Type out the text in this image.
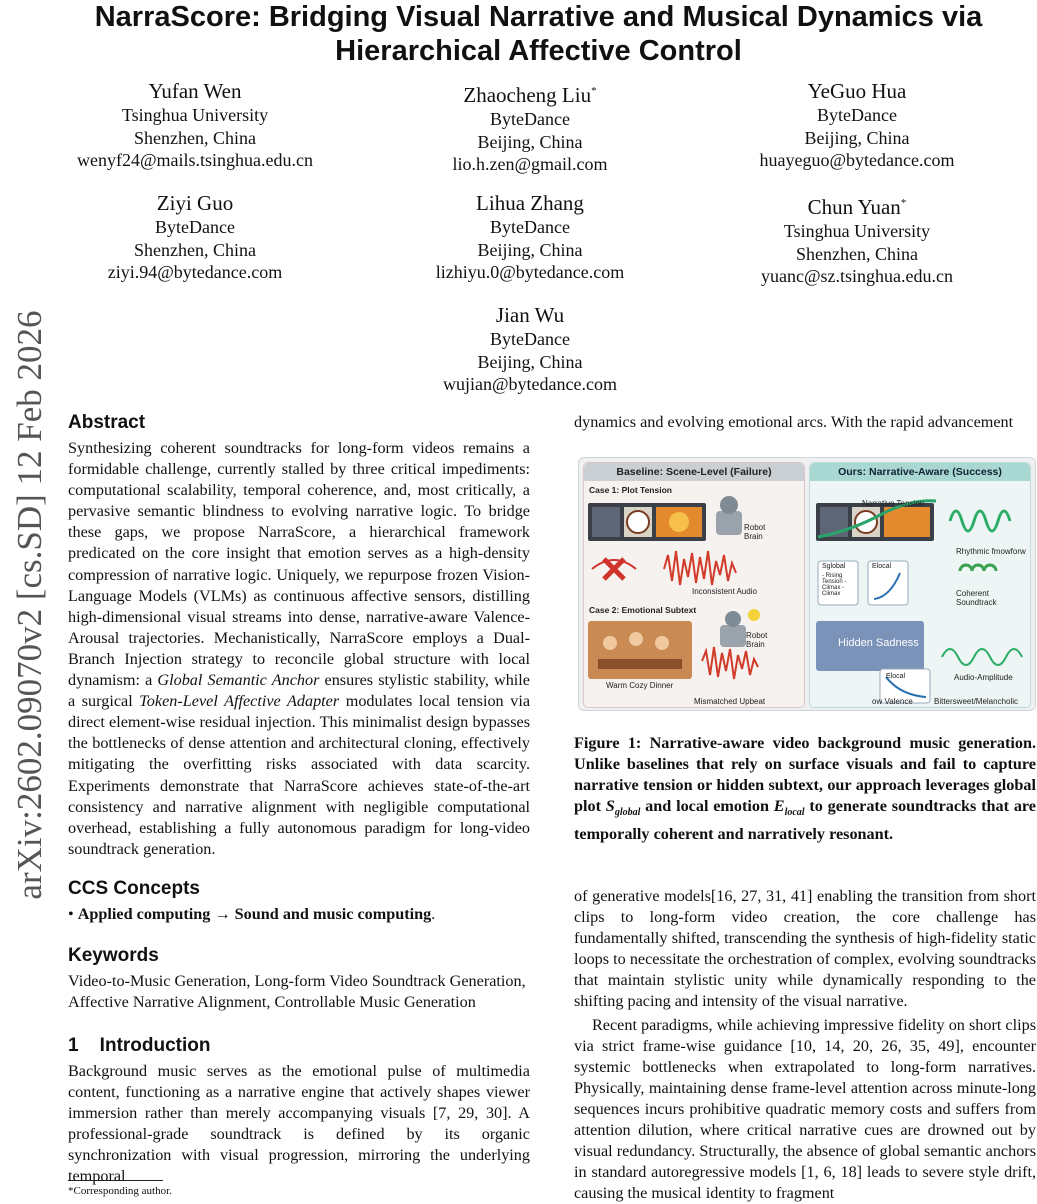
NarraScore: Bridging Visual Narrative and Musical Dynamics via Hierarchical Affective Control
Yufan Wen
Tsinghua University
Shenzhen, China
wenyf24@mails.tsinghua.edu.cn
Zhaocheng Liu*
ByteDance
Beijing, China
lio.h.zen@gmail.com
YeGuo Hua
ByteDance
Beijing, China
huayeguo@bytedance.com
Ziyi Guo
ByteDance
Shenzhen, China
ziyi.94@bytedance.com
Lihua Zhang
ByteDance
Beijing, China
lizhiyu.0@bytedance.com
Chun Yuan*
Tsinghua University
Shenzhen, China
yuanc@sz.tsinghua.edu.cn
Jian Wu
ByteDance
Beijing, China
wujian@bytedance.com
arXiv:2602.09070v2 [cs.SD] 12 Feb 2026 Abstract

Synthesizing coherent soundtracks for long-form videos remains a formidable challenge, currently stalled by three critical impediments: computational scalability, temporal coherence, and, most critically, a pervasive semantic blindness to evolving narrative logic. To bridge these gaps, we propose NarraScore, a hierarchical framework predicated on the core insight that emotion serves as a high-density compression of narrative logic. Uniquely, we repurpose frozen Vision-Language Models (VLMs) as continuous affective sensors, distilling high-dimensional visual streams into dense, narrative-aware Valence-Arousal trajectories. Mechanistically, NarraScore employs a Dual-Branch Injection strategy to reconcile global structure with local dynamism: a Global Semantic Anchor ensures stylistic stability, while a surgical Token-Level Affective Adapter modulates local tension via direct element-wise residual injection. This minimalist design bypasses the bottlenecks of dense attention and architectural cloning, effectively mitigating the overfitting risks associated with data scarcity. Experiments demonstrate that NarraScore achieves state-of-the-art consistency and narrative alignment with negligible computational overhead, establishing a fully autonomous paradigm for long-video soundtrack generation.

CCS Concepts

• Applied computing → Sound and music computing.

Keywords

Video-to-Music Generation, Long-form Video Soundtrack Generation, Affective Narrative Alignment, Controllable Music Generation

1    Introduction

Background music serves as the emotional pulse of multimedia content, functioning as a narrative engine that actively shapes viewer immersion rather than merely accompanying visuals [7, 29, 30]. A professional-grade soundtrack is defined by its organic synchronization with visual progression, mirroring the underlying temporal

*Corresponding author.
dynamics and evolving emotional arcs. With the rapid advancement
Baseline: Scene-Level (Failure)
Case 1: Plot Tension
Robot Brain
Inconsistent Audio
Case 2: Emotional Subtext
Warm Cozy Dinner
Robot Brain
Mismatched Upbeat
Ours: Narrative-Aware (Success)
Narrative Tension
Rhythmic fmowforw
Coherent Soundtrack
Sglobal
- Rising Tension - Climax - Climax
Elocal
Hidden Sadness
Elocal
ow Valence
Audio-Amplitude
Bittersweet/Melancholic
Figure 1: Narrative-aware video background music generation. Unlike baselines that rely on surface visuals and fail to capture narrative tension or hidden subtext, our approach leverages global plot $S_{global}$ and local emotion $E_{local}$ to generate soundtracks that are temporally coherent and narratively resonant.

of generative models[16, 27, 31, 41] enabling the transition from short clips to long-form video creation, the core challenge has fundamentally shifted, transcending the synthesis of high-fidelity static loops to necessitate the orchestration of complex, evolving soundtracks that maintain stylistic unity while dynamically responding to the shifting pacing and intensity of the visual narrative.

Recent paradigms, while achieving impressive fidelity on short clips via strict frame-wise guidance [10, 14, 20, 26, 35, 49], encounter systemic bottlenecks when extrapolated to long-form narratives. Physically, maintaining dense frame-level attention across minute-long sequences incurs prohibitive quadratic memory costs and suffers from attention dilution, where critical narrative cues are drowned out by visual redundancy. Structurally, the absence of global semantic anchors in standard autoregressive models [1, 6, 18] leads to severe style drift, causing the musical identity to fragment
